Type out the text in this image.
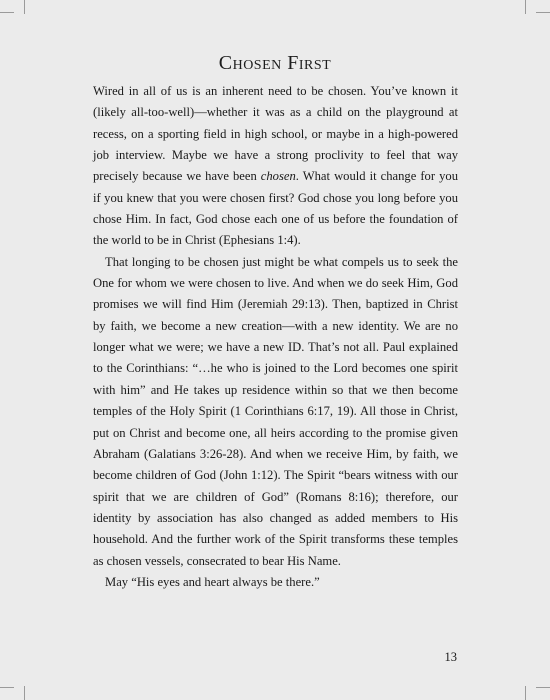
Chosen First

Wired in all of us is an inherent need to be chosen. You’ve known it (likely all-too-well)—whether it was as a child on the playground at recess, on a sporting field in high school, or maybe in a high-powered job interview. Maybe we have a strong proclivity to feel that way precisely because we have been chosen. What would it change for you if you knew that you were chosen first? God chose you long before you chose Him. In fact, God chose each one of us before the foundation of the world to be in Christ (Ephesians 1:4).

That longing to be chosen just might be what compels us to seek the One for whom we were chosen to live. And when we do seek Him, God promises we will find Him (Jeremiah 29:13). Then, baptized in Christ by faith, we become a new creation—with a new identity. We are no longer what we were; we have a new ID. That’s not all. Paul explained to the Corinthians: “…he who is joined to the Lord becomes one spirit with him” and He takes up residence within so that we then become temples of the Holy Spirit (1 Corinthians 6:17, 19). All those in Christ, put on Christ and become one, all heirs according to the promise given Abraham (Galatians 3:26-28). And when we receive Him, by faith, we become children of God (John 1:12). The Spirit “bears witness with our spirit that we are children of God” (Romans 8:16); therefore, our identity by association has also changed as added members to His household. And the further work of the Spirit transforms these temples as chosen vessels, consecrated to bear His Name.

May “His eyes and heart always be there.”

13
